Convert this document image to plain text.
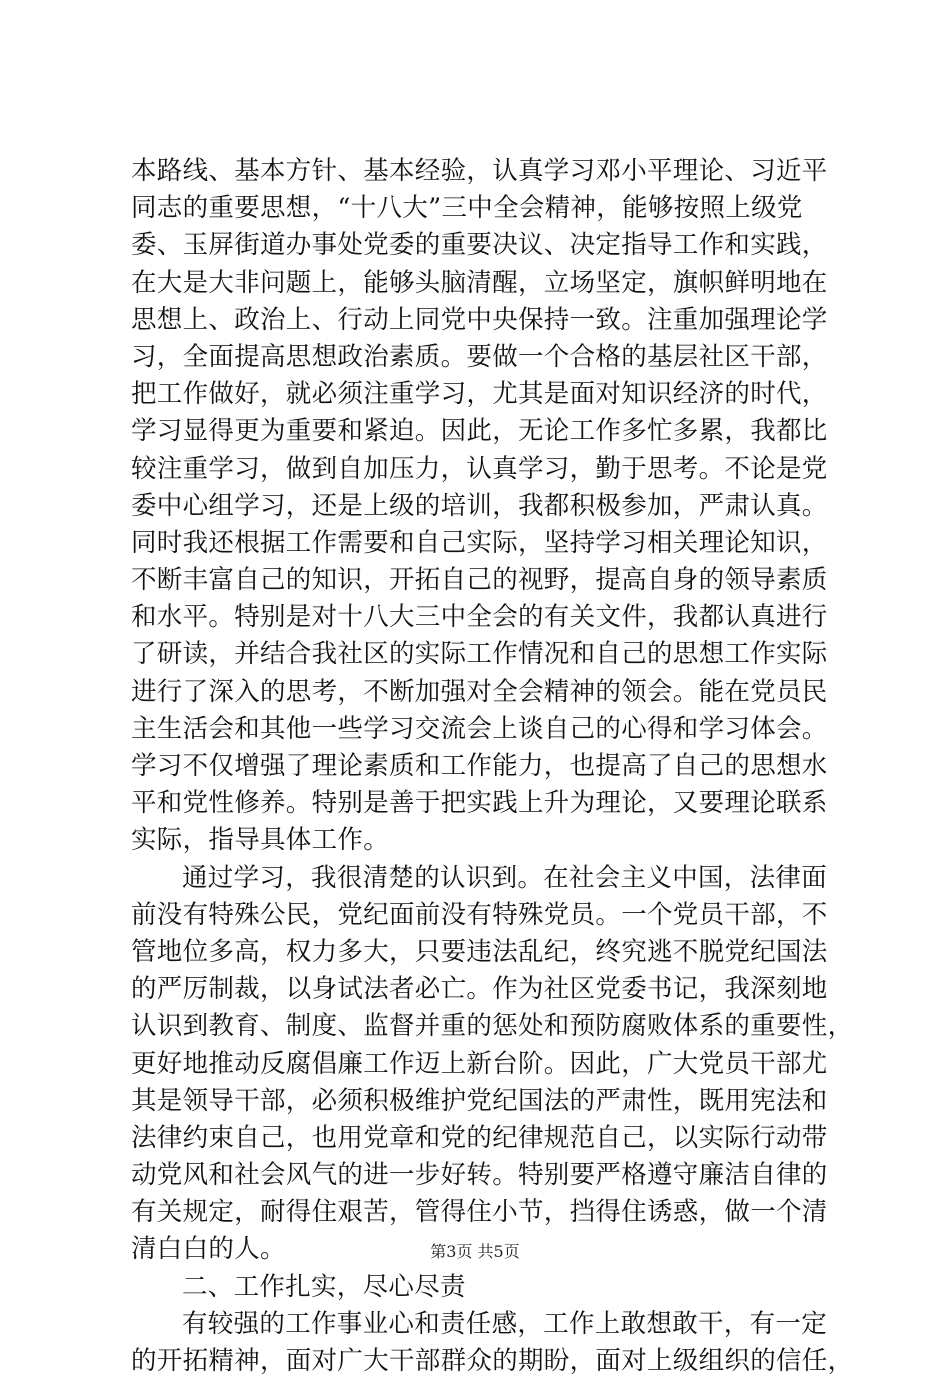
本路线、基本方针、基本经验，认真学习邓小平理论、习近平
同志的重要思想，“十八大”三中全会精神，能够按照上级党
委、玉屏街道办事处党委的重要决议、决定指导工作和实践，
在大是大非问题上，能够头脑清醒，立场坚定，旗帜鲜明地在
思想上、政治上、行动上同党中央保持一致。注重加强理论学
习，全面提高思想政治素质。要做一个合格的基层社区干部，
把工作做好，就必须注重学习，尤其是面对知识经济的时代，
学习显得更为重要和紧迫。因此，无论工作多忙多累，我都比
较注重学习，做到自加压力，认真学习，勤于思考。不论是党
委中心组学习，还是上级的培训，我都积极参加，严肃认真。
同时我还根据工作需要和自己实际，坚持学习相关理论知识，
不断丰富自己的知识，开拓自己的视野，提高自身的领导素质
和水平。特别是对十八大三中全会的有关文件，我都认真进行
了研读，并结合我社区的实际工作情况和自己的思想工作实际
进行了深入的思考，不断加强对全会精神的领会。能在党员民
主生活会和其他一些学习交流会上谈自己的心得和学习体会。
学习不仅增强了理论素质和工作能力，也提高了自己的思想水
平和党性修养。特别是善于把实践上升为理论，又要理论联系
实际，指导具体工作。
通过学习，我很清楚的认识到。在社会主义中国，法律面
前没有特殊公民，党纪面前没有特殊党员。一个党员干部，不
管地位多高，权力多大，只要违法乱纪，终究逃不脱党纪国法
的严厉制裁，以身试法者必亡。作为社区党委书记，我深刻地
认识到教育、制度、监督并重的惩处和预防腐败体系的重要性，
更好地推动反腐倡廉工作迈上新台阶。因此，广大党员干部尤
其是领导干部，必须积极维护党纪国法的严肃性，既用宪法和
法律约束自己，也用党章和党的纪律规范自己，以实际行动带
动党风和社会风气的进一步好转。特别要严格遵守廉洁自律的
有关规定，耐得住艰苦，管得住小节，挡得住诱惑，做一个清
清白白的人。
二、工作扎实，尽心尽责
有较强的工作事业心和责任感，工作上敢想敢干，有一定
的开拓精神，面对广大干部群众的期盼，面对上级组织的信任，
第3页 共5页
